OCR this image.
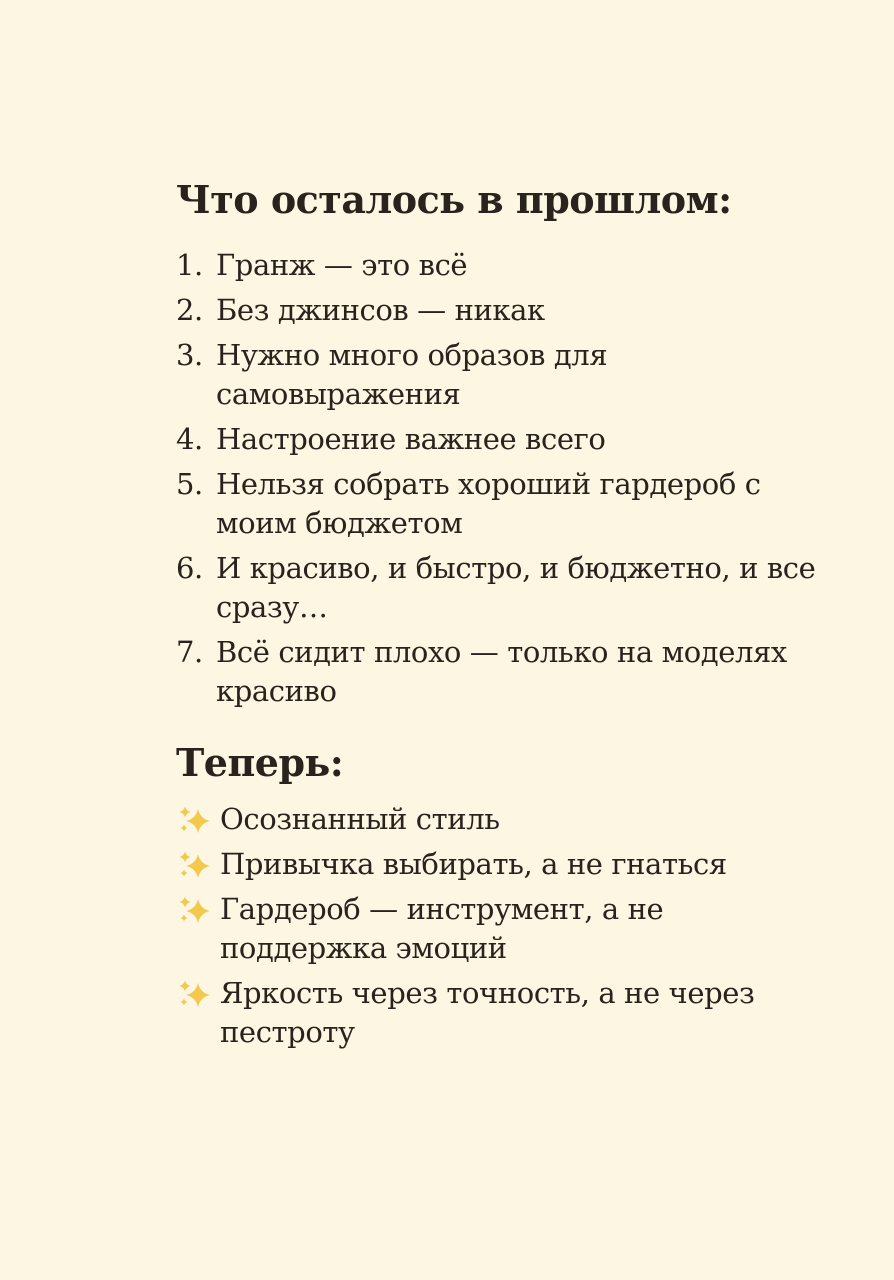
Что осталось в прошлом:
1. Гранж — это всё
2. Без джинсов — никак
3. Нужно много образов для самовыражения
4. Настроение важнее всего
5. Нельзя собрать хороший гардероб с моим бюджетом
6. И красиво, и быстро, и бюджетно, и все сразу…
7. Всё сидит плохо — только на моделях красиво
Теперь:
Осознанный стиль
Привычка выбирать, а не гнаться
Гардероб — инструмент, а не поддержка эмоций
Яркость через точность, а не через пестроту
